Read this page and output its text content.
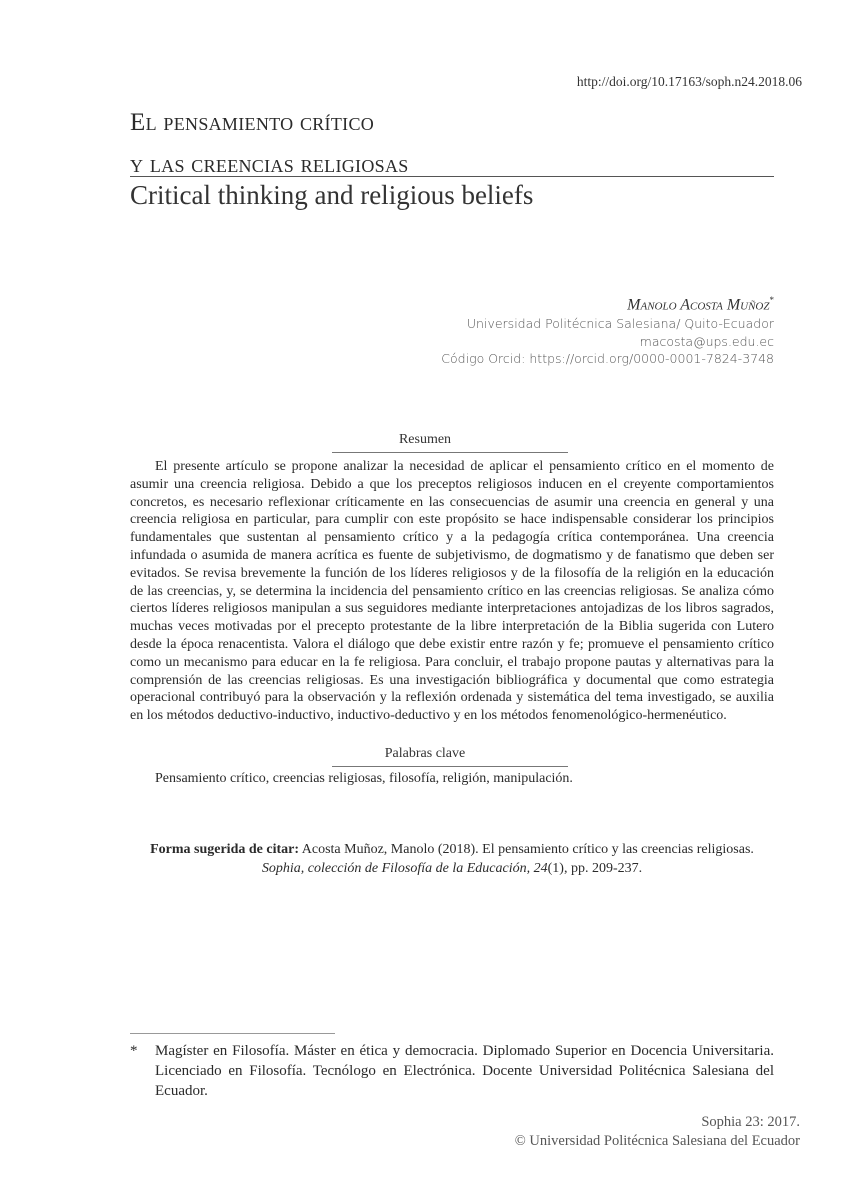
http://doi.org/10.17163/soph.n24.2018.06
El pensamiento crítico
y las creencias religiosas
Critical thinking and religious beliefs
Manolo Acosta Muñoz*
Universidad Politécnica Salesiana/ Quito-Ecuador
macosta@ups.edu.ec
Código Orcid: https://orcid.org/0000-0001-7824-3748
Resumen

El presente artículo se propone analizar la necesidad de aplicar el pensamiento crítico en el momento de asumir una creencia religiosa. Debido a que los preceptos religiosos inducen en el creyente comportamientos concretos, es necesario reflexionar críticamente en las consecuencias de asumir una creencia en general y una creencia religiosa en particular, para cumplir con este propósito se hace indispensable considerar los principios fundamentales que sustentan al pensamiento crítico y a la pedagogía crítica contemporánea. Una creencia infundada o asumida de manera acrítica es fuente de subjetivismo, de dogmatismo y de fanatismo que deben ser evitados. Se revisa brevemente la función de los líderes religiosos y de la filosofía de la religión en la educación de las creencias, y, se determina la incidencia del pensamiento crítico en las creencias religiosas. Se analiza cómo ciertos líderes religiosos manipulan a sus seguidores mediante interpretaciones antojadizas de los libros sagrados, muchas veces motivadas por el precepto protestante de la libre interpretación de la Biblia sugerida con Lutero desde la época renacentista. Valora el diálogo que debe existir entre razón y fe; promueve el pensamiento crítico como un mecanismo para educar en la fe religiosa. Para concluir, el trabajo propone pautas y alternativas para la comprensión de las creencias religiosas. Es una investigación bibliográfica y documental que como estrategia operacional contribuyó para la observación y la reflexión ordenada y sistemática del tema investigado, se auxilia en los métodos deductivo-inductivo, inductivo-deductivo y en los métodos fenomenológico-hermenéutico.

Palabras clave
Pensamiento crítico, creencias religiosas, filosofía, religión, manipulación.
Forma sugerida de citar: Acosta Muñoz, Manolo (2018). El pensamiento crítico y las creencias religiosas. Sophia, colección de Filosofía de la Educación, 24(1), pp. 209-237.
* Magíster en Filosofía. Máster en ética y democracia. Diplomado Superior en Docencia Universitaria. Licenciado en Filosofía. Tecnólogo en Electrónica. Docente Universidad Politécnica Salesiana del Ecuador.
Sophia 23: 2017.
© Universidad Politécnica Salesiana del Ecuador
